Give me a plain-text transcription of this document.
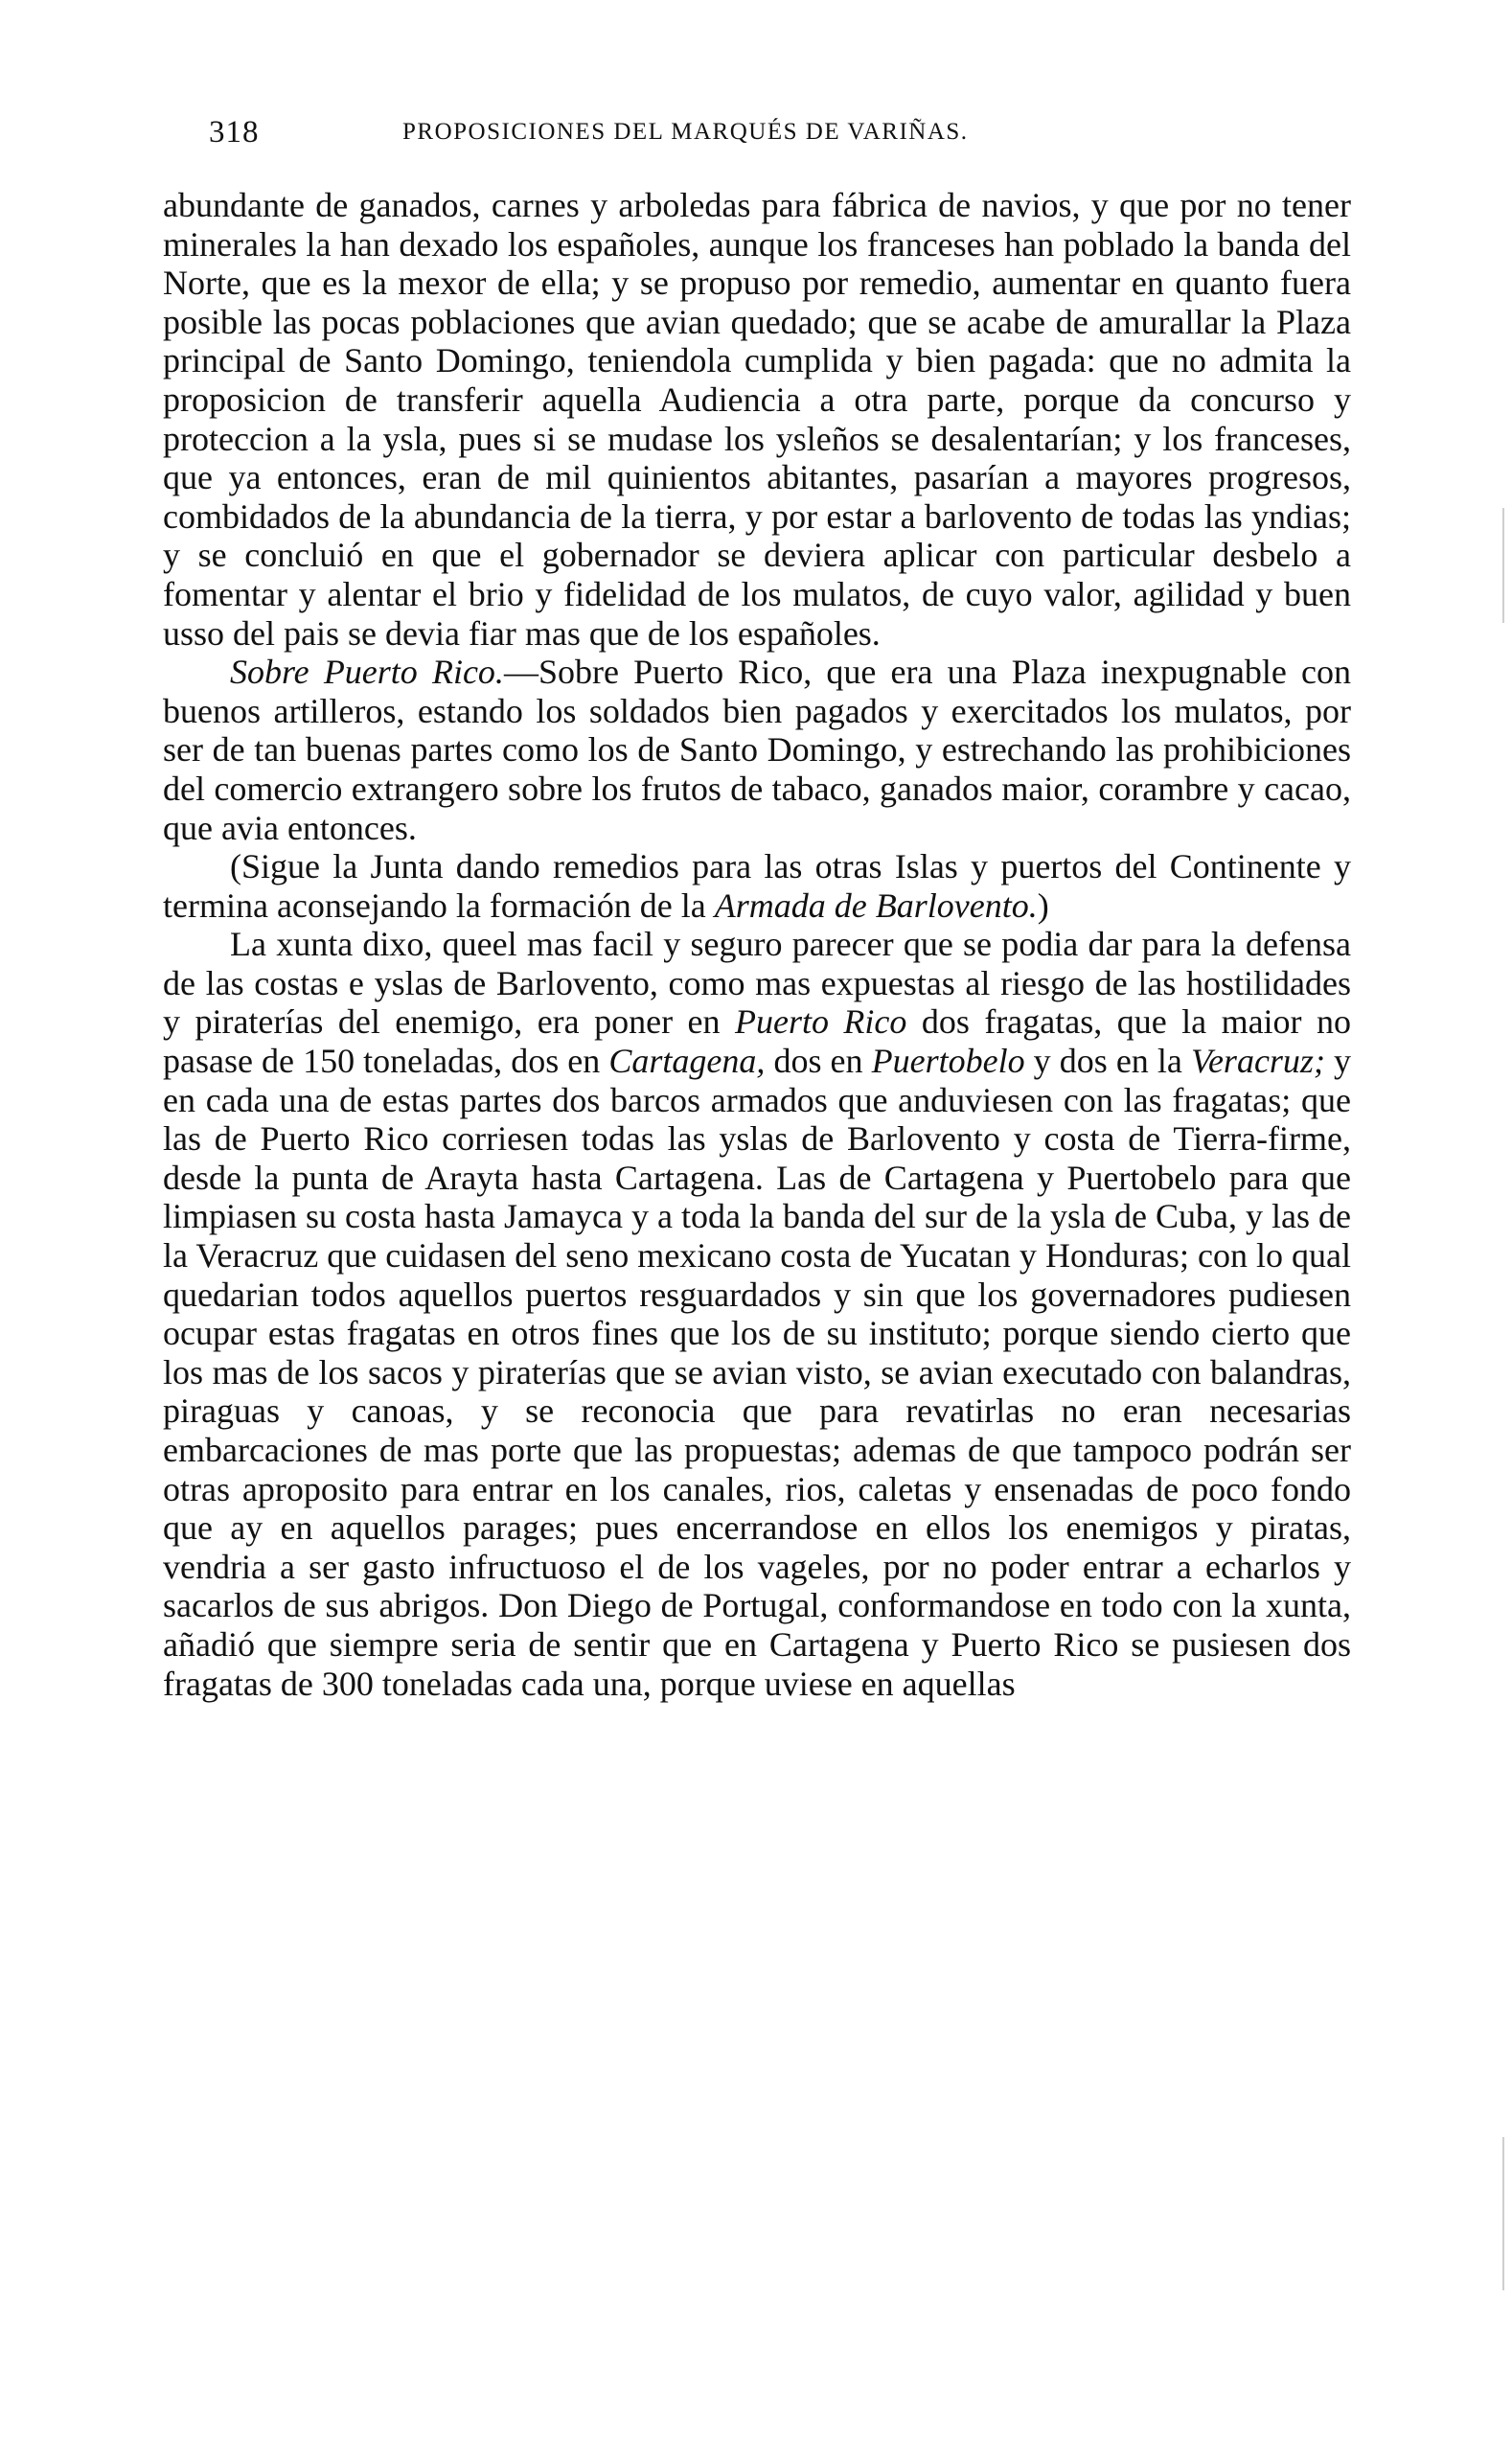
318	PROPOSICIONES DEL MARQUÉS DE VARIÑAS.

abundante de ganados, carnes y arboledas para fábrica de navios, y que por no tener minerales la han dexado los españoles, aunque los franceses han poblado la banda del Norte, que es la mexor de ella; y se propuso por remedio, aumentar en quanto fuera posible las pocas poblaciones que avian quedado; que se acabe de amurallar la Plaza principal de Santo Domingo, teniendola cumplida y bien pagada: que no admita la proposicion de transferir aquella Audiencia a otra parte, porque da concurso y proteccion a la ysla, pues si se mudase los ysleños se desalentarían; y los franceses, que ya entonces, eran de mil quinientos abitantes, pasarían a mayores progresos, combidados de la abundancia de la tierra, y por estar a barlovento de todas las yndias; y se concluió en que el gobernador se deviera aplicar con particular desbelo a fomentar y alentar el brio y fidelidad de los mulatos, de cuyo valor, agilidad y buen usso del pais se devia fiar mas que de los españoles.

Sobre Puerto Rico.—Sobre Puerto Rico, que era una Plaza inexpugnable con buenos artilleros, estando los soldados bien pagados y exercitados los mulatos, por ser de tan buenas partes como los de Santo Domingo, y estrechando las prohibiciones del comercio extrangero sobre los frutos de tabaco, ganados maior, corambre y cacao, que avia entonces.

(Sigue la Junta dando remedios para las otras Islas y puertos del Continente y termina aconsejando la formación de la Armada de Barlovento.)

La xunta dixo, queel mas facil y seguro parecer que se podia dar para la defensa de las costas e yslas de Barlovento, como mas expuestas al riesgo de las hostilidades y piraterías del enemigo, era poner en Puerto Rico dos fragatas, que la maior no pasase de 150 toneladas, dos en Cartagena, dos en Puertobelo y dos en la Veracruz; y en cada una de estas partes dos barcos armados que anduviesen con las fragatas; que las de Puerto Rico corriesen todas las yslas de Barlovento y costa de Tierra-firme, desde la punta de Arayta hasta Cartagena. Las de Cartagena y Puertobelo para que limpiasen su costa hasta Jamayca y a toda la banda del sur de la ysla de Cuba, y las de la Veracruz que cuidasen del seno mexicano costa de Yucatan y Honduras; con lo qual quedarian todos aquellos puertos resguardados y sin que los governadores pudiesen ocupar estas fragatas en otros fines que los de su instituto; porque siendo cierto que los mas de los sacos y piraterías que se avian visto, se avian executado con balandras, piraguas y canoas, y se reconocia que para revatirlas no eran necesarias embarcaciones de mas porte que las propuestas; ademas de que tampoco podrán ser otras aproposito para entrar en los canales, rios, caletas y ensenadas de poco fondo que ay en aquellos parages; pues encerrandose en ellos los enemigos y piratas, vendria a ser gasto infructuoso el de los vageles, por no poder entrar a echarlos y sacarlos de sus abrigos. Don Diego de Portugal, conformandose en todo con la xunta, añadió que siempre seria de sentir que en Cartagena y Puerto Rico se pusiesen dos fragatas de 300 toneladas cada una, porque uviese en aquellas
